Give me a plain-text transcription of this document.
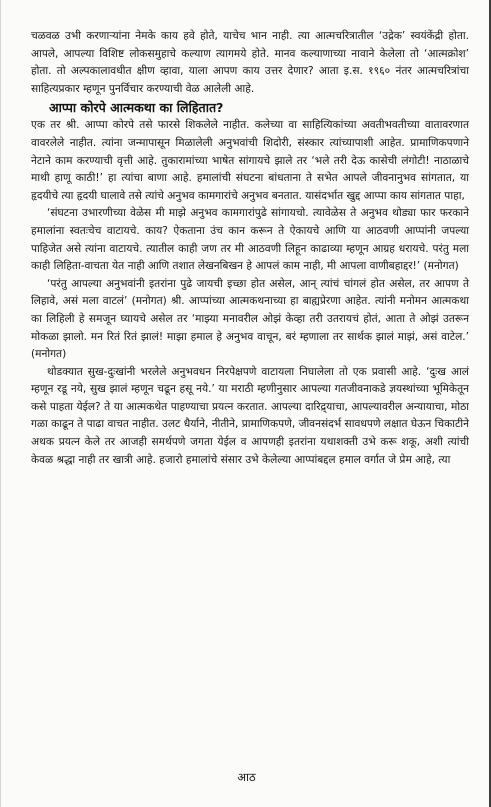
चळवळ उभी करणाऱ्यांना नेमके काय हवे होते, याचेच भान नाही. त्या आत्मचरित्रातील ‘उद्रेक’ स्वयंकेंद्री होता. आपले, आपल्या विशिष्ट लोकसमुहाचे कल्याण त्यागमये होते. मानव कल्याणाच्या नावाने केलेला तो ‘आत्मक्रोश’ होता. तो अल्पकालावधीत क्षीण व्हावा, याला आपण काय उत्तर देणार? आता इ.स. १९६० नंतर आत्मचरित्रांचा साहित्यप्रकार म्हणून पुनर्विचार करण्याची वेळ आलेली आहे.

आप्पा कोरपे आत्मकथा का लिहितात?

एक तर श्री. आप्पा कोरपे तसे फारसे शिकलेले नाहीत. कलेच्या वा साहित्यिकांच्या अवतीभवतीच्या वातावरणात वावरलेले नाहीत. त्यांना जन्मापासून मिळालेली अनुभवांची शिदोरी, संस्कार त्यांच्यापाशी आहेत. प्रामाणिकपणाने नेटाने काम करण्याची वृत्ती आहे. तुकारामांच्या भाषेत सांगायचे झाले तर ‘भले तरी देऊ कासेची लंगोटी! नाठाळाचे माथी हाणू काठी!’ हा त्यांचा बाणा आहे. हमालांची संघटना बांधताना ते सभेत आपले जीवनानुभव सांगतात, या हृदयीचे त्या हृदयी घालावे तसे त्यांचे अनुभव कामगारांचे अनुभव बनतात. यासंदर्भात खुद्द आप्पा काय सांगतात पाहा,

‘संघटना उभारणीच्या वेळेस मी माझे अनुभव कामगारांपुढे सांगायचो. त्यावेळेस ते अनुभव थोड्या फार फरकाने हमालांना स्वतःचेच वाटायचे. काय? ऐकताना उंच कान करून ते ऐकायचे आणि या आठवणी आप्पांनी जपल्या पाहिजेत असे त्यांना वाटायचे. त्यातील काही जण तर मी आठवणी लिहून काढाव्या म्हणून आग्रह धरायचे. परंतु मला काही लिहिता-वाचता येत नाही आणि तशात लेखनबिखन हे आपलं काम नाही, मी आपला वाणीबहाद्दर!’ (मनोगत)

‘परंतु आपल्या अनुभवांनी इतरांना पुढे जायची इच्छा होत असेल, आन् त्यांचं चांगलं होत असेल, तर आपण ते लिहावे, असं मला वाटलं’ (मनोगत) श्री. आप्पांच्या आत्मकथनाच्या हा बाह्यप्रेरणा आहेत. त्यांनी मनोमन आत्मकथा का लिहिली हे समजून घ्यायचे असेल तर ‘माझ्या मनावरील ओझं केव्हा तरी उतरायचं होतं, आता ते ओझं उतरून मोकळा झालो. मन रितं रितं झालं! माझा हमाल हे अनुभव वाचून, बरं म्हणाला तर सार्थक झालं माझं, असं वाटेल.’ (मनोगत)

थोडक्यात सुख-दुःखांनी भरलेले अनुभवधन निरपेक्षपणे वाटायला निघालेला तो एक प्रवासी आहे. ‘दुःख आलं म्हणून रडू नये, सुख झालं म्हणून चढून हसू नये.’ या मराठी म्हणीनुसार आपल्या गतजीवनाकडे ज्ञयस्थांच्या भूमिकेतून कसे पाहता येईल? ते या आत्मकथेत पाहण्याचा प्रयत्न करतात. आपल्या दारिद्र्याचा, आपल्यावरील अन्यायाचा, मोठा गळा काढून ते पाढा वाचत नाहीत. उलट धैर्याने, नीतीने, प्रामाणिकपणे, जीवनसंदर्भ सावधपणे लक्षात घेऊन चिकाटीने अथक प्रयत्न केले तर आजही समर्थपणे जगता येईल व आपणही इतरांना यथाशक्ती उभे करू शकू, अशी त्यांची केवळ श्रद्धा नाही तर खात्री आहे. हजारो हमालांचे संसार उभे केलेल्या आप्पांबद्दल हमाल वर्गात जे प्रेम आहे, त्या

आठ
